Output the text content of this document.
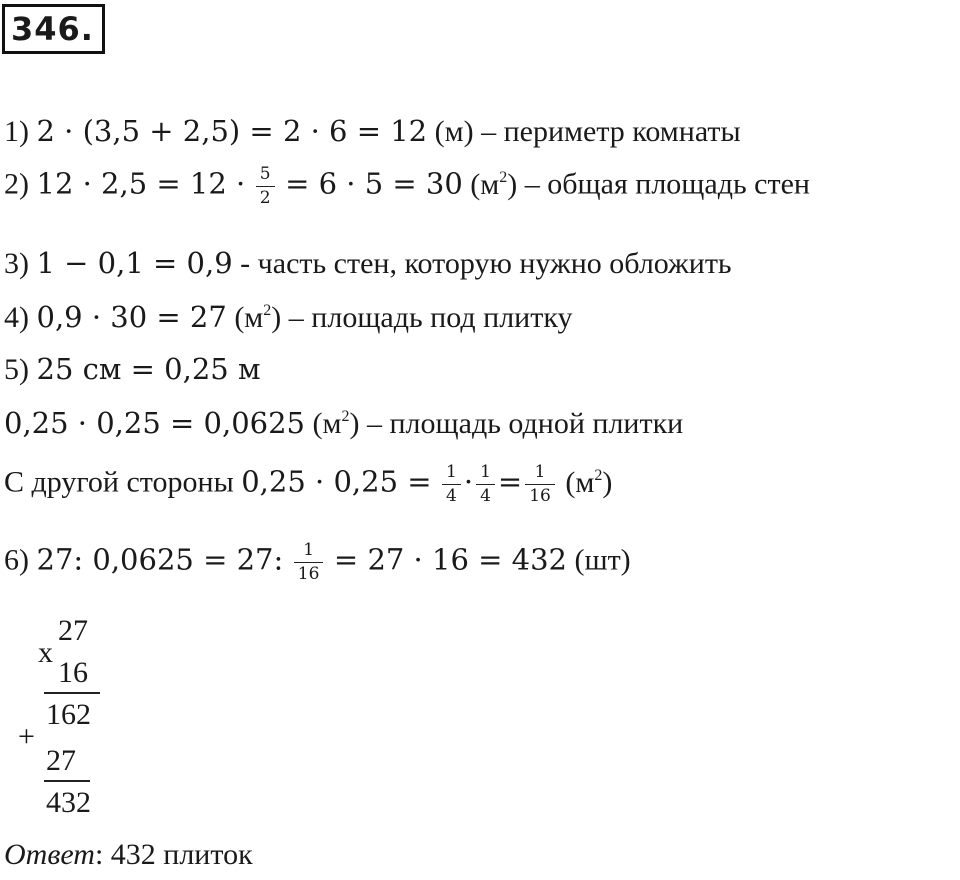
346.
1) 2 · (3,5 + 2,5) = 2 · 6 = 12 (м) – периметр комнаты
2) $12 \cdot 2,5 = 12 \cdot \frac{5}{2} = 6 \cdot 5 = 30$ $(м^2)$ – общая площадь стен
3) 1 − 0,1 = 0,9 - часть стен, которую нужно обложить
4) 0,9 · 30 = 27 $(м^2)$ – площадь под плитку
5) 25 см = 0,25 м
0,25 · 0,25 = 0,0625 $(м^2)$ – площадь одной плитки
С другой стороны $0,25 \cdot 0,25 = \frac{1}{4} \cdot \frac{1}{4} = \frac{1}{16} (м^2)$
6) 27: 0,0625 = 27: $\frac{1}{16} = 27 \cdot 16 = 432$ (шт)
x
27
16
162
+
27
432
Ответ: 432 плиток
